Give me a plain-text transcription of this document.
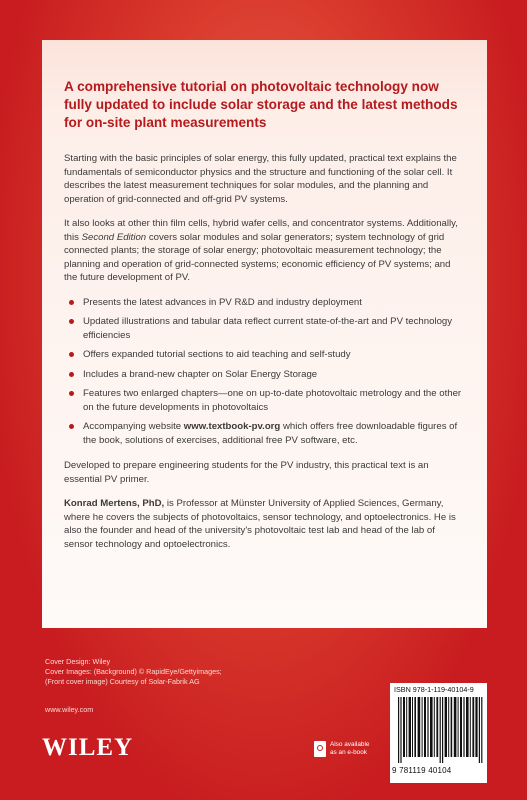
A comprehensive tutorial on photovoltaic technology now fully updated to include solar storage and the latest methods for on-site plant measurements

Starting with the basic principles of solar energy, this fully updated, practical text explains the fundamentals of semiconductor physics and the structure and functioning of the solar cell. It describes the latest measurement techniques for solar modules, and the planning and operation of grid-connected and off-grid PV systems.

It also looks at other thin film cells, hybrid wafer cells, and concentrator systems. Additionally, this Second Edition covers solar modules and solar generators; system technology of grid connected plants; the storage of solar energy; photovoltaic measurement technology; the planning and operation of grid-connected systems; economic efficiency of PV systems; and the future development of PV.

Presents the latest advances in PV R&D and industry deployment
Updated illustrations and tabular data reflect current state-of-the-art and PV technology efficiencies
Offers expanded tutorial sections to aid teaching and self-study
Includes a brand-new chapter on Solar Energy Storage
Features two enlarged chapters—one on up-to-date photovoltaic metrology and the other on the future developments in photovoltaics
Accompanying website www.textbook-pv.org which offers free downloadable figures of the book, solutions of exercises, additional free PV software, etc.

Developed to prepare engineering students for the PV industry, this practical text is an essential PV primer.

Konrad Mertens, PhD, is Professor at Münster University of Applied Sciences, Germany, where he covers the subjects of photovoltaics, sensor technology, and optoelectronics. He is also the founder and head of the university's photovoltaic test lab and head of the lab of sensor technology and optoelectronics.

Cover Design: Wiley
Cover Images: (Background) © RapidEye/Gettyimages;
(Front cover image) Courtesy of Solar-Fabrik AG
www.wiley.com
WILEY	Also available as an e-book
ISBN 978-1-119-40104-9
9 781119 40104
